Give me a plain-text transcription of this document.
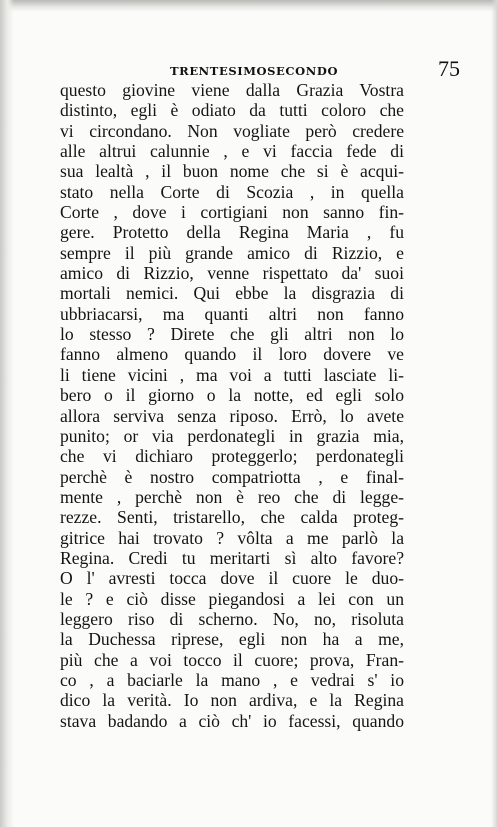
TRENTESIMOSECONDO	75
questo giovine viene dalla Grazia Vostra
distinto, egli è odiato da tutti coloro che
vi circondano. Non vogliate però credere
alle altrui calunnie , e vi faccia fede di
sua lealtà , il buon nome che si è acqui-
stato nella Corte di Scozia , in quella
Corte , dove i cortigiani non sanno fin-
gere. Protetto della Regina Maria , fu
sempre il più grande amico di Rizzio, e
amico di Rizzio, venne rispettato da' suoi
mortali nemici. Qui ebbe la disgrazia di
ubbriacarsi, ma quanti altri non fanno
lo stesso ? Direte che gli altri non lo
fanno almeno quando il loro dovere ve
li tiene vicini , ma voi a tutti lasciate li-
bero o il giorno o la notte, ed egli solo
allora serviva senza riposo. Errò, lo avete
punito; or via perdonategli in grazia mia,
che vi dichiaro proteggerlo; perdonategli
perchè è nostro compatriotta , e final-
mente , perchè non è reo che di legge-
rezze. Senti, tristarello, che calda proteg-
gitrice hai trovato ? vôlta a me parlò la
Regina. Credi tu meritarti sì alto favore?
O l' avresti tocca dove il cuore le duo-
le ? e ciò disse piegandosi a lei con un
leggero riso di scherno. No, no, risoluta
la Duchessa riprese, egli non ha a me,
più che a voi tocco il cuore; prova, Fran-
co , a baciarle la mano , e vedrai s' io
dico la verità. Io non ardiva, e la Regina
stava badando a ciò ch' io facessi, quando
